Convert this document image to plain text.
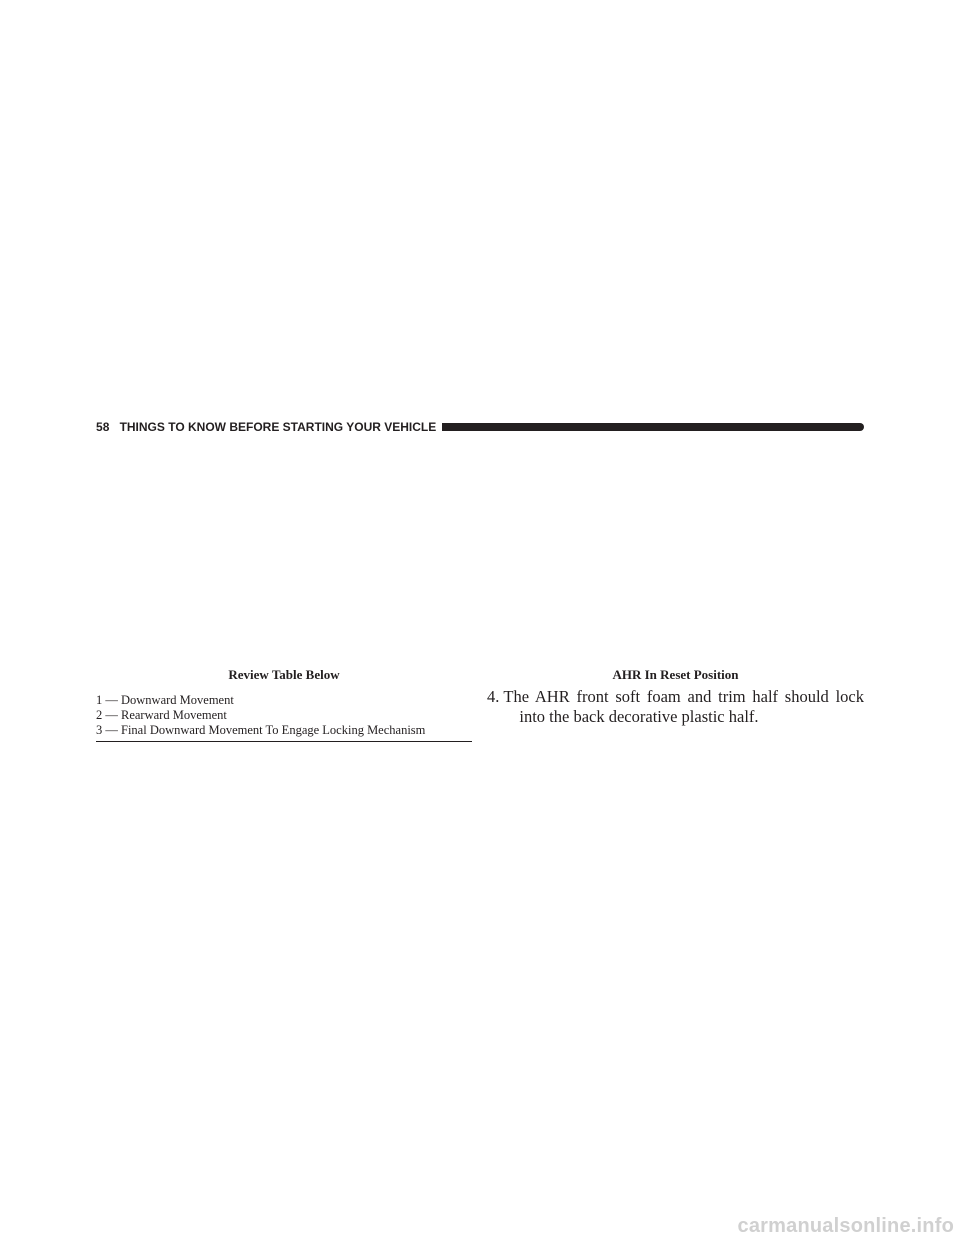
58 THINGS TO KNOW BEFORE STARTING YOUR VEHICLE
Review Table Below
1 — Downward Movement
2 — Rearward Movement
3 — Final Downward Movement To Engage Locking Mechanism
AHR In Reset Position
4. The AHR front soft foam and trim half should lock
into the back decorative plastic half.
carmanualsonline.info
